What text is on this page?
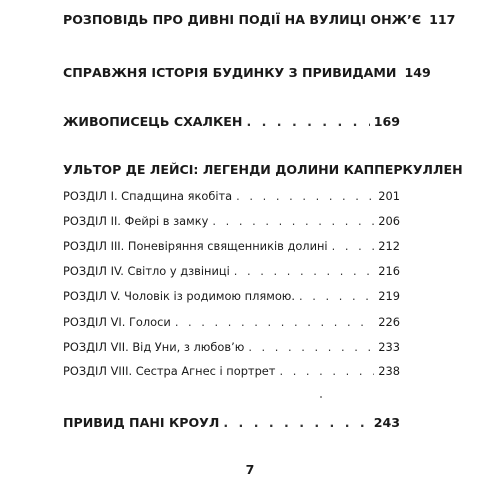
РОЗПОВІДЬ ПРО ДИВНІ ПОДІЇ НА ВУЛИЦІ ОНЖ’Є 117
СПРАВЖНЯ ІСТОРІЯ БУДИНКУ З ПРИВИДАМИ 149
ЖИВОПИСЕЦЬ СХАЛКЕН . . .	169
УЛЬТОР ДЕ ЛЕЙСІ: ЛЕГЕНДИ ДОЛИНИ КАППЕРКУЛЛЕН
РОЗДІЛ І. Спадщина якобіта . . .	201
РОЗДІЛ ІІ. Фейрі в замку . . .	206
РОЗДІЛ ІІІ. Поневіряння священників долині . . .	212
РОЗДІЛ IV. Світло у дзвіниці . . .	216
РОЗДІЛ V. Чоловік із родимою плямою. . . .	219
РОЗДІЛ VI. Голоси . . .	226
РОЗДІЛ VII. Від Уни, з любов’ю . . .	233
РОЗДІЛ VIII. Сестра Агнес і портрет . . .	238
ПРИВИД ПАНІ КРОУЛ . . .	243
7
